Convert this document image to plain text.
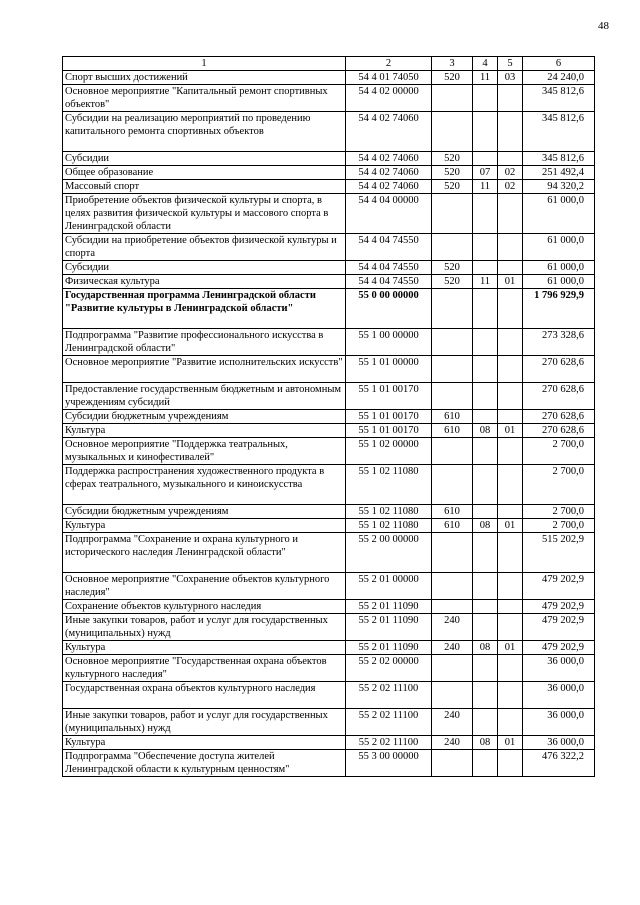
48
1	2	3	4	5	6
Спорт высших достижений	54 4 01 74050	520	11	03	24 240,0
Основное мероприятие "Капитальный ремонт спортивных объектов"	54 4 02 00000				345 812,6
Субсидии на реализацию мероприятий по проведению капитального ремонта спортивных объектов	54 4 02 74060				345 812,6
Субсидии	54 4 02 74060	520			345 812,6
Общее образование	54 4 02 74060	520	07	02	251 492,4
Массовый спорт	54 4 02 74060	520	11	02	94 320,2
Приобретение объектов физической культуры и спорта, в целях развития физической культуры и массового спорта в Ленинградской области	54 4 04 00000				61 000,0
Субсидии на приобретение объектов физической культуры и спорта	54 4 04 74550				61 000,0
Субсидии	54 4 04 74550	520			61 000,0
Физическая культура	54 4 04 74550	520	11	01	61 000,0
Государственная программа Ленинградской области "Развитие культуры в Ленинградской области"	55 0 00 00000				1 796 929,9
Подпрограмма "Развитие профессионального искусства в Ленинградской области"	55 1 00 00000				273 328,6
Основное мероприятие "Развитие исполнительских искусств"	55 1 01 00000				270 628,6
Предоставление государственным бюджетным и автономным учреждениям субсидий	55 1 01 00170				270 628,6
Субсидии бюджетным учреждениям	55 1 01 00170	610			270 628,6
Культура	55 1 01 00170	610	08	01	270 628,6
Основное мероприятие "Поддержка театральных, музыкальных и кинофестивалей"	55 1 02 00000				2 700,0
Поддержка распространения художественного продукта в сферах театрального, музыкального и киноискусства	55 1 02 11080				2 700,0
Субсидии бюджетным учреждениям	55 1 02 11080	610			2 700,0
Культура	55 1 02 11080	610	08	01	2 700,0
Подпрограмма "Сохранение и охрана культурного и исторического наследия Ленинградской области"	55 2 00 00000				515 202,9
Основное мероприятие "Сохранение объектов культурного наследия"	55 2 01 00000				479 202,9
Сохранение объектов культурного наследия	55 2 01 11090				479 202,9
Иные закупки товаров, работ и услуг для государственных (муниципальных) нужд	55 2 01 11090	240			479 202,9
Культура	55 2 01 11090	240	08	01	479 202,9
Основное мероприятие "Государственная охрана объектов культурного наследия"	55 2 02 00000				36 000,0
Государственная охрана объектов культурного наследия	55 2 02 11100				36 000,0
Иные закупки товаров, работ и услуг для государственных (муниципальных) нужд	55 2 02 11100	240			36 000,0
Культура	55 2 02 11100	240	08	01	36 000,0
Подпрограмма "Обеспечение доступа жителей Ленинградской области к культурным ценностям"	55 3 00 00000				476 322,2
